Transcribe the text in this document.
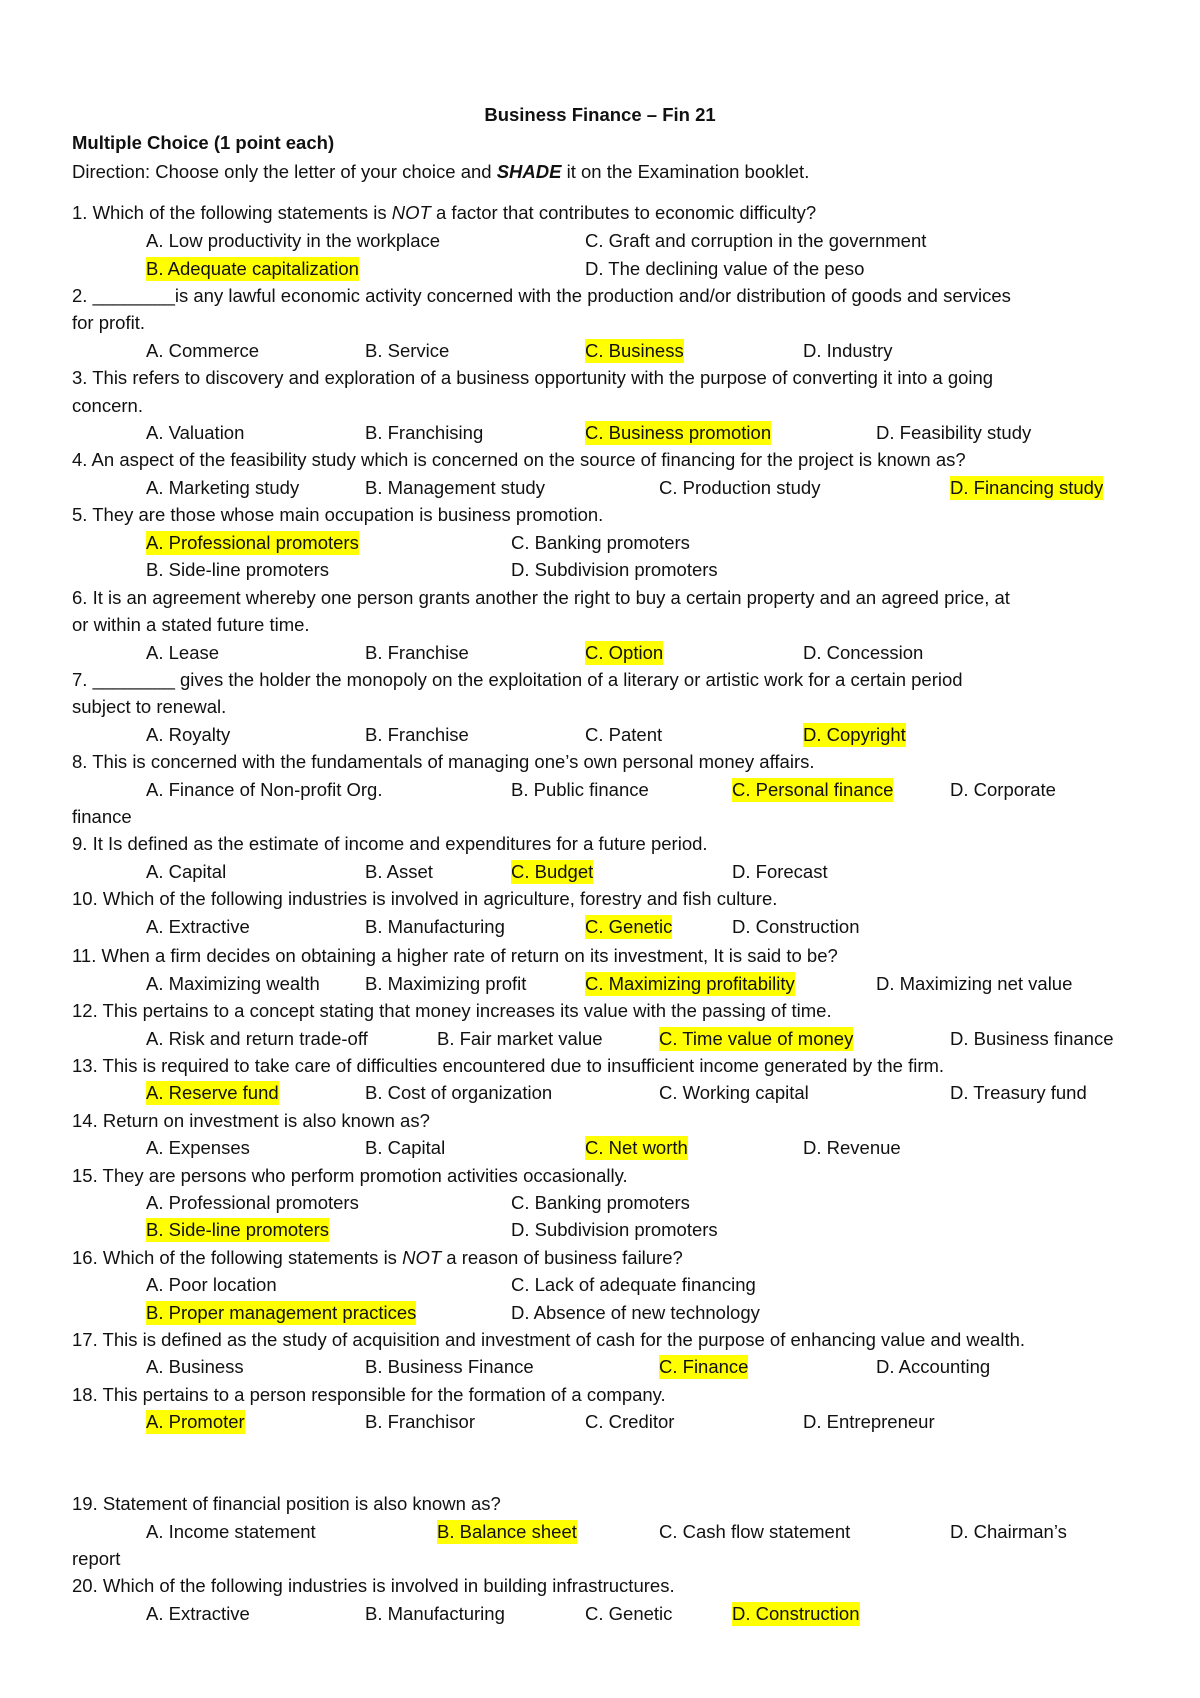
Business Finance – Fin 21
Multiple Choice (1 point each)
Direction: Choose only the letter of your choice and SHADE it on the Examination booklet.
1. Which of the following statements is NOT a factor that contributes to economic difficulty?
A. Low productivity in the workplace	C. Graft and corruption in the government
B. Adequate capitalization	D. The declining value of the peso
2. ________is any lawful economic activity concerned with the production and/or distribution of goods and services
for profit.
A. Commerce	B. Service	C. Business	D. Industry
3. This refers to discovery and exploration of a business opportunity with the purpose of converting it into a going
concern.
A. Valuation	B. Franchising	C. Business promotion	D. Feasibility study
4. An aspect of the feasibility study which is concerned on the source of financing for the project is known as?
A. Marketing study	B. Management study	C. Production study	D. Financing study
5. They are those whose main occupation is business promotion.
A. Professional promoters	C. Banking promoters
B. Side-line promoters	D. Subdivision promoters
6. It is an agreement whereby one person grants another the right to buy a certain property and an agreed price, at
or within a stated future time.
A. Lease	B. Franchise	C. Option	D. Concession
7. ________ gives the holder the monopoly on the exploitation of a literary or artistic work for a certain period
subject to renewal.
A. Royalty	B. Franchise	C. Patent	D. Copyright
8. This is concerned with the fundamentals of managing one’s own personal money affairs.
A. Finance of Non-profit Org.	B. Public finance	C. Personal finance	D. Corporate
finance
9. It Is defined as the estimate of income and expenditures for a future period.
A. Capital	B. Asset	C. Budget	D. Forecast
10. Which of the following industries is involved in agriculture, forestry and fish culture.
A. Extractive	B. Manufacturing	C. Genetic	D. Construction
11. When a firm decides on obtaining a higher rate of return on its investment, It is said to be?
A. Maximizing wealth B. Maximizing profit	C. Maximizing profitability	D. Maximizing net value
12. This pertains to a concept stating that money increases its value with the passing of time.
A. Risk and return trade-off	B. Fair market value	C. Time value of money	D. Business finance
13. This is required to take care of difficulties encountered due to insufficient income generated by the firm.
A. Reserve fund	B. Cost of organization	C. Working capital	D. Treasury fund
14. Return on investment is also known as?
A. Expenses	B. Capital	C. Net worth	D. Revenue
15. They are persons who perform promotion activities occasionally.
A. Professional promoters	C. Banking promoters
B. Side-line promoters	D. Subdivision promoters
16. Which of the following statements is NOT a reason of business failure?
A. Poor location	C. Lack of adequate financing
B. Proper management practices	D. Absence of new technology
17. This is defined as the study of acquisition and investment of cash for the purpose of enhancing value and wealth.
A. Business	B. Business Finance	C. Finance	D. Accounting
18. This pertains to a person responsible for the formation of a company.
A. Promoter	B. Franchisor	C. Creditor	D. Entrepreneur
19. Statement of financial position is also known as?
A. Income statement	B. Balance sheet	C. Cash flow statement	D. Chairman’s
report
20. Which of the following industries is involved in building infrastructures.
A. Extractive	B. Manufacturing	C. Genetic	D. Construction
